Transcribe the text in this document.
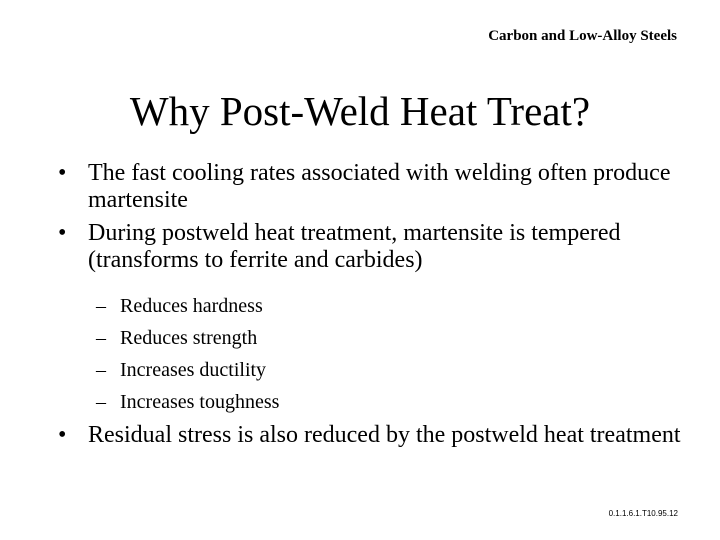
Carbon and Low-Alloy Steels
Why Post-Weld Heat Treat?
• The fast cooling rates associated with welding often produce martensite
• During postweld heat treatment, martensite is tempered (transforms to ferrite and carbides)
– Reduces hardness
– Reduces strength
– Increases ductility
– Increases toughness
• Residual stress is also reduced by the postweld heat treatment
0.1.1.6.1.T10.95.12
